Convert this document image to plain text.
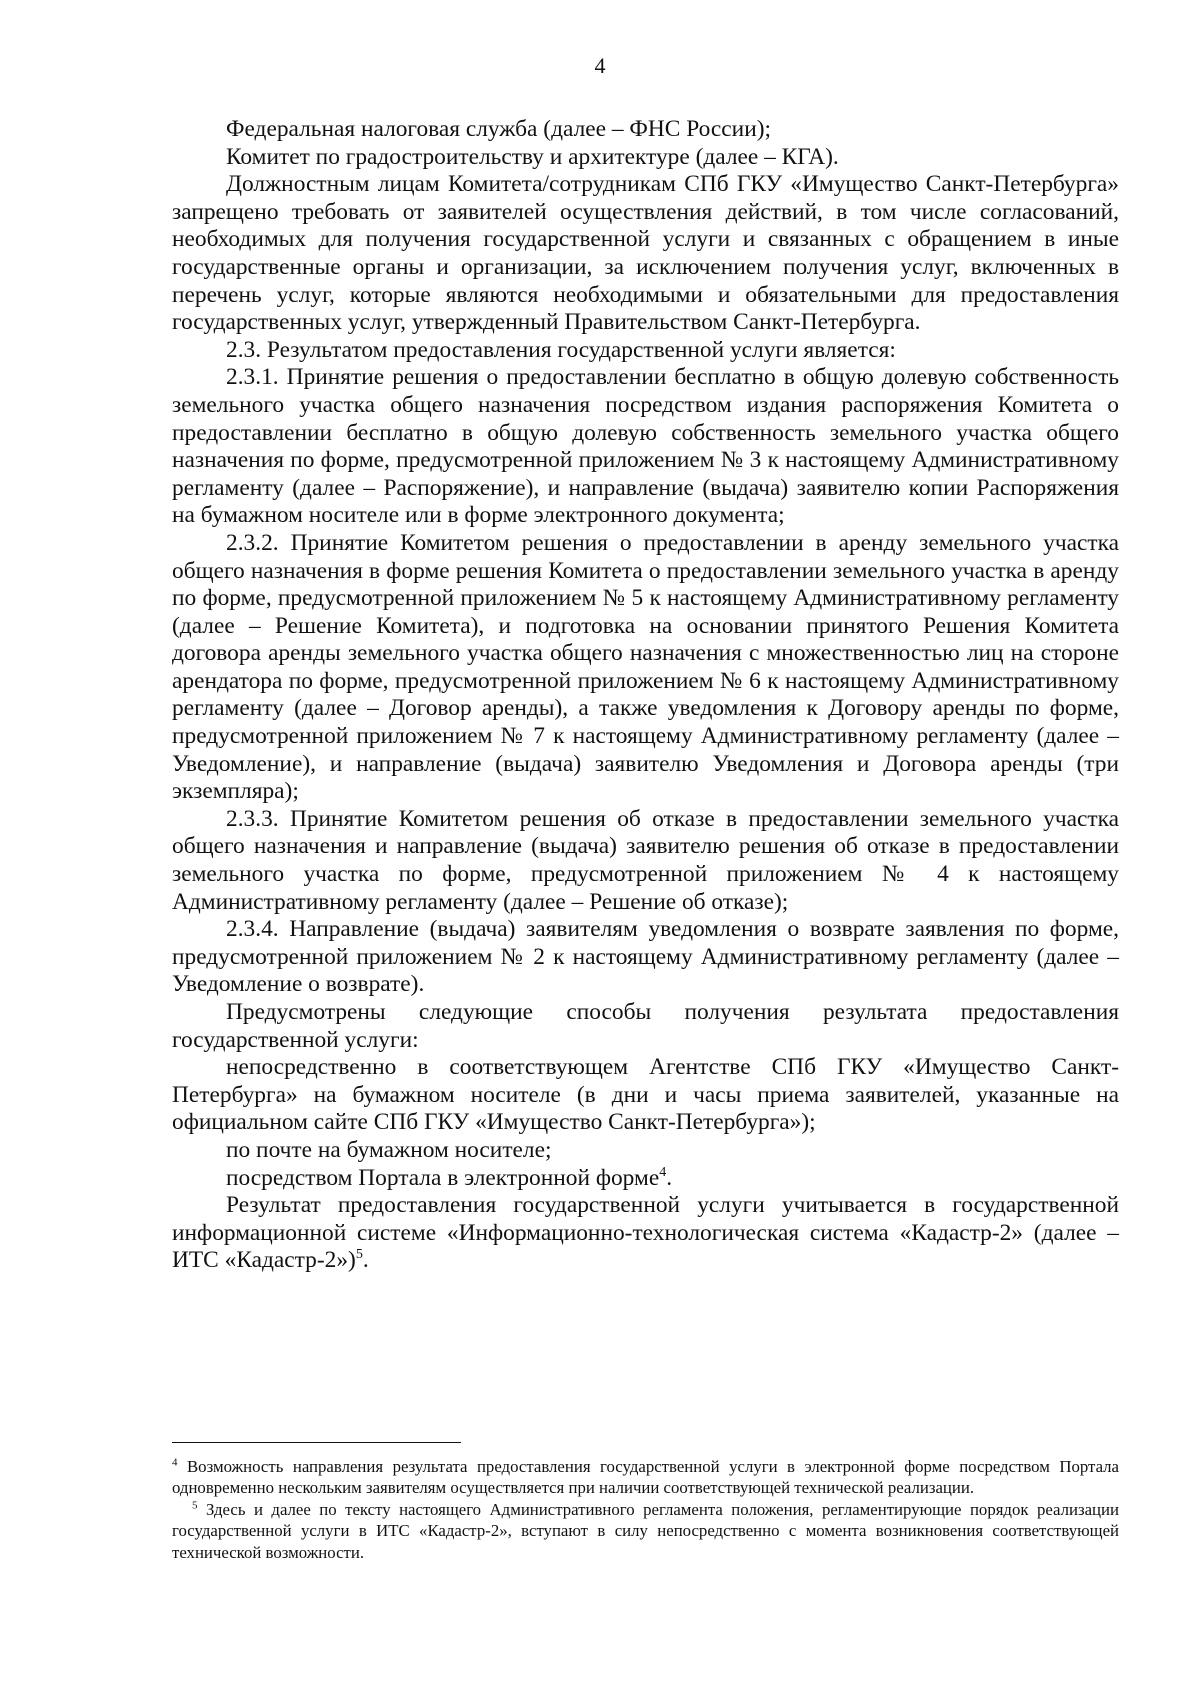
4

Федеральная налоговая служба (далее – ФНС России);

Комитет по градостроительству и архитектуре (далее – КГА).

Должностным лицам Комитета/сотрудникам СПб ГКУ «Имущество Санкт-Петербурга» запрещено требовать от заявителей осуществления действий, в том числе согласований, необходимых для получения государственной услуги и связанных с обращением в иные государственные органы и организации, за исключением получения услуг, включенных в перечень услуг, которые являются необходимыми и обязательными для предоставления государственных услуг, утвержденный Правительством Санкт-Петербурга.

2.3. Результатом предоставления государственной услуги является:

2.3.1. Принятие решения о предоставлении бесплатно в общую долевую собственность земельного участка общего назначения посредством издания распоряжения Комитета о предоставлении бесплатно в общую долевую собственность земельного участка общего назначения по форме, предусмотренной приложением № 3 к настоящему Административному регламенту (далее – Распоряжение), и направление (выдача) заявителю копии Распоряжения на бумажном носителе или в форме электронного документа;

2.3.2. Принятие Комитетом решения о предоставлении в аренду земельного участка общего назначения в форме решения Комитета о предоставлении земельного участка в аренду по форме, предусмотренной приложением № 5 к настоящему Административному регламенту (далее – Решение Комитета), и подготовка на основании принятого Решения Комитета договора аренды земельного участка общего назначения с множественностью лиц на стороне арендатора по форме, предусмотренной приложением № 6 к настоящему Административному регламенту (далее – Договор аренды), а также уведомления к Договору аренды по форме, предусмотренной приложением № 7 к настоящему Административному регламенту (далее – Уведомление), и направление (выдача) заявителю Уведомления и Договора аренды (три экземпляра);

2.3.3. Принятие Комитетом решения об отказе в предоставлении земельного участка общего назначения и направление (выдача) заявителю решения об отказе в предоставлении земельного участка по форме, предусмотренной приложением № 4 к настоящему Административному регламенту (далее – Решение об отказе);

2.3.4. Направление (выдача) заявителям уведомления о возврате заявления по форме, предусмотренной приложением № 2 к настоящему Административному регламенту (далее – Уведомление о возврате).

Предусмотрены следующие способы получения результата предоставления государственной услуги:

непосредственно в соответствующем Агентстве СПб ГКУ «Имущество Санкт-Петербурга» на бумажном носителе (в дни и часы приема заявителей, указанные на официальном сайте СПб ГКУ «Имущество Санкт-Петербурга»);

по почте на бумажном носителе;

посредством Портала в электронной форме$^4$.

Результат предоставления государственной услуги учитывается в государственной информационной системе «Информационно-технологическая система «Кадастр-2» (далее – ИТС «Кадастр-2»)$^5$.

$^4$ Возможность направления результата предоставления государственной услуги в электронной форме посредством Портала одновременно нескольким заявителям осуществляется при наличии соответствующей технической реализации.

$^5$ Здесь и далее по тексту настоящего Административного регламента положения, регламентирующие порядок реализации государственной услуги в ИТС «Кадастр-2», вступают в силу непосредственно с момента возникновения соответствующей технической возможности.
